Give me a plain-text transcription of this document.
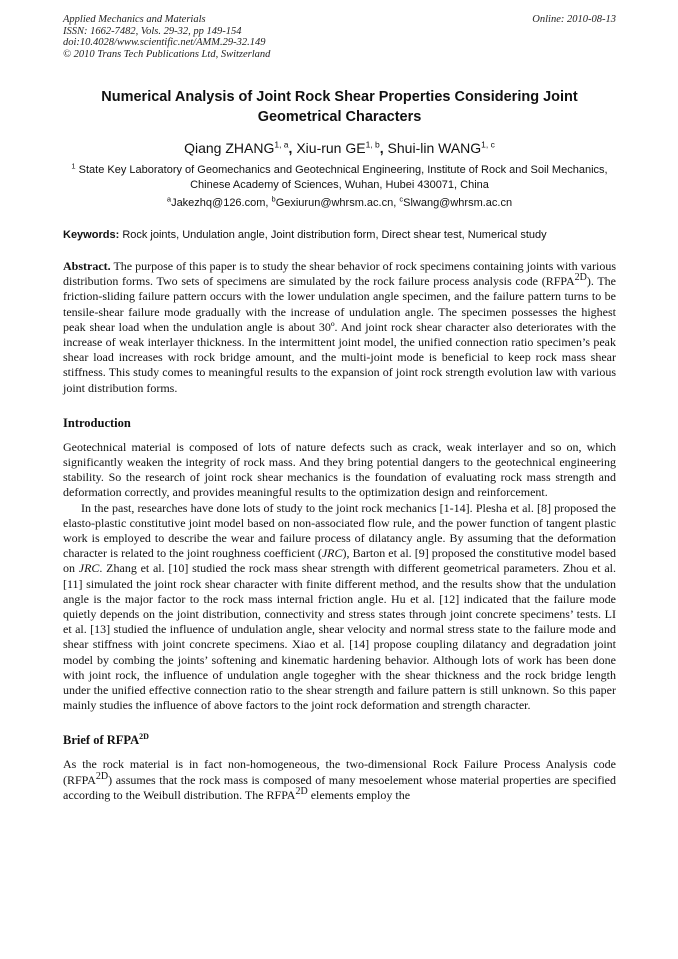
Applied Mechanics and Materials
ISSN: 1662-7482, Vols. 29-32, pp 149-154
doi:10.4028/www.scientific.net/AMM.29-32.149
© 2010 Trans Tech Publications Ltd, Switzerland
Online: 2010-08-13
Numerical Analysis of Joint Rock Shear Properties Considering Joint Geometrical Characters
Qiang ZHANG$^{1, a}$, Xiu-run GE$^{1, b}$, Shui-lin WANG$^{1, c}$
$^1$ State Key Laboratory of Geomechanics and Geotechnical Engineering, Institute of Rock and Soil Mechanics, Chinese Academy of Sciences, Wuhan, Hubei 430071, China
$^a$Jakezhq@126.com, $^b$Gexiurun@whrsm.ac.cn, $^c$Slwang@whrsm.ac.cn
Keywords: Rock joints, Undulation angle, Joint distribution form, Direct shear test, Numerical study

Abstract. The purpose of this paper is to study the shear behavior of rock specimens containing joints with various distribution forms. Two sets of specimens are simulated by the rock failure process analysis code $(RFPA^{2D})$. The friction-sliding failure pattern occurs with the lower undulation angle specimen, and the failure pattern turns to be tensile-shear failure mode gradually with the increase of undulation angle. The specimen possesses the highest peak shear load when the undulation angle is about 30º. And joint rock shear character also deteriorates with the increase of weak interlayer thickness. In the intermittent joint model, the unified connection ratio specimen’s peak shear load increases with rock bridge amount, and the multi-joint mode is beneficial to keep rock mass shear stiffness. This study comes to meaningful results to the expansion of joint rock strength evolution law with various joint distribution forms.

Introduction

Geotechnical material is composed of lots of nature defects such as crack, weak interlayer and so on, which significantly weaken the integrity of rock mass. And they bring potential dangers to the geotechnical engineering stability. So the research of joint rock shear mechanics is the foundation of evaluating rock mass strength and deformation correctly, and provides meaningful results to the optimization design and reinforcement.

In the past, researches have done lots of study to the joint rock mechanics [1-14]. Plesha et al. [8] proposed the elasto-plastic constitutive joint model based on non-associated flow rule, and the power function of tangent plastic work is employed to describe the wear and failure process of dilatancy angle. By assuming that the deformation character is related to the joint roughness coefficient (JRC), Barton et al. [9] proposed the constitutive model based on JRC. Zhang et al. [10] studied the rock mass shear strength with different geometrical parameters. Zhou et al. [11] simulated the joint rock shear character with finite different method, and the results show that the undulation angle is the major factor to the rock mass internal friction angle. Hu et al. [12] indicated that the failure mode quietly depends on the joint distribution, connectivity and stress states through joint concrete specimens’ tests. LI et al. [13] studied the influence of undulation angle, shear velocity and normal stress state to the failure mode and shear stiffness with joint concrete specimens. Xiao et al. [14] propose coupling dilatancy and degradation joint model by combing the joints’ softening and kinematic hardening behavior. Although lots of work has been done with joint rock, the influence of undulation angle togegher with the shear thickness and the rock bridge length under the unified effective connection ratio to the shear strength and failure pattern is still unknown. So this paper mainly studies the influence of above factors to the joint rock deformation and strength character.

Brief of $RFPA^{2D}$

As the rock material is in fact non-homogeneous, the two-dimensional Rock Failure Process Analysis code $(RFPA^{2D})$ assumes that the rock mass is composed of many mesoelement whose material properties are specified according to the Weibull distribution. The $RFPA^{2D}$ elements employ the
